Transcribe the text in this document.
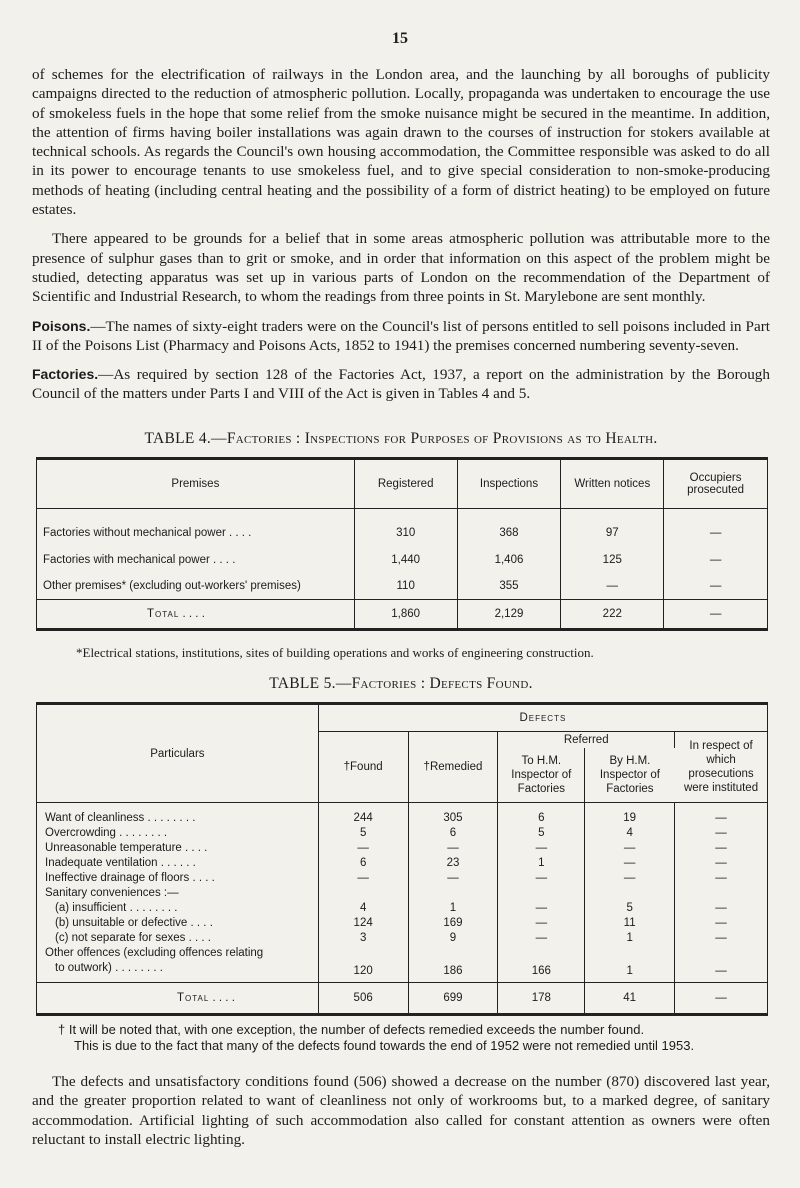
15

of schemes for the electrification of railways in the London area, and the launching by all boroughs of publicity campaigns directed to the reduction of atmospheric pollution. Locally, propaganda was undertaken to encourage the use of smokeless fuels in the hope that some relief from the smoke nuisance might be secured in the meantime. In addition, the attention of firms having boiler installations was again drawn to the courses of instruction for stokers available at technical schools. As regards the Council's own housing accommodation, the Committee responsible was asked to do all in its power to encourage tenants to use smokeless fuel, and to give special consideration to non-smoke-producing methods of heating (including central heating and the possibility of a form of district heating) to be employed on future estates.

There appeared to be grounds for a belief that in some areas atmospheric pollution was attributable more to the presence of sulphur gases than to grit or smoke, and in order that information on this aspect of the problem might be studied, detecting apparatus was set up in various parts of London on the recommendation of the Department of Scientific and Industrial Research, to whom the readings from three points in St. Marylebone are sent monthly.

Poisons.—The names of sixty-eight traders were on the Council's list of persons entitled to sell poisons included in Part II of the Poisons List (Pharmacy and Poisons Acts, 1852 to 1941) the premises concerned numbering seventy-seven.

Factories.—As required by section 128 of the Factories Act, 1937, a report on the administration by the Borough Council of the matters under Parts I and VIII of the Act is given in Tables 4 and 5.

TABLE 4.—Factories : Inspections for Purposes of Provisions as to Health.
Premises	Registered	Inspections	Written notices	Occupiers prosecuted
Factories without mechanical power . . . .	310	368	97	—
Factories with mechanical power . . . .	1,440	1,406	125	—
Other premises* (excluding out-workers' premises)	110	355	—	—
Total . . . .	1,860	2,129	222	—
*Electrical stations, institutions, sites of building operations and works of engineering construction.
TABLE 5.—Factories : Defects Found.
Particulars	Defects				
	†Found	†Remedied	Referred		In respect of which prosecutions were instituted
			To H.M. Inspector of Factories	By H.M. Inspector of Factories	
Want of cleanliness . . . . . . . .	244	305	6	19	—
Overcrowding . . . . . . . .	5	6	5	4	—
Unreasonable temperature . . . .	—	—	—	—	—
Inadequate ventilation . . . . . .	6	23	1	—	—
Ineffective drainage of floors . . . .	—	—	—	—	—
Sanitary conveniences :—					
(a) insufficient . . . . . . . .	4	1	—	5	—
(b) unsuitable or defective . . . .	124	169	—	11	—
(c) not separate for sexes . . . .	3	9	—	1	—
Other offences (excluding offences relating					
to outwork) . . . . . . . .	120	186	166	1	—
Total . . . .	506	699	178	41	—
† It will be noted that, with one exception, the number of defects remedied exceeds the number found.
This is due to the fact that many of the defects found towards the end of 1952 were not remedied until 1953.

The defects and unsatisfactory conditions found (506) showed a decrease on the number (870) discovered last year, and the greater proportion related to want of cleanliness not only of workrooms but, to a marked degree, of sanitary accommodation. Artificial lighting of such accommodation also called for constant attention as owners were often reluctant to install electric lighting.
